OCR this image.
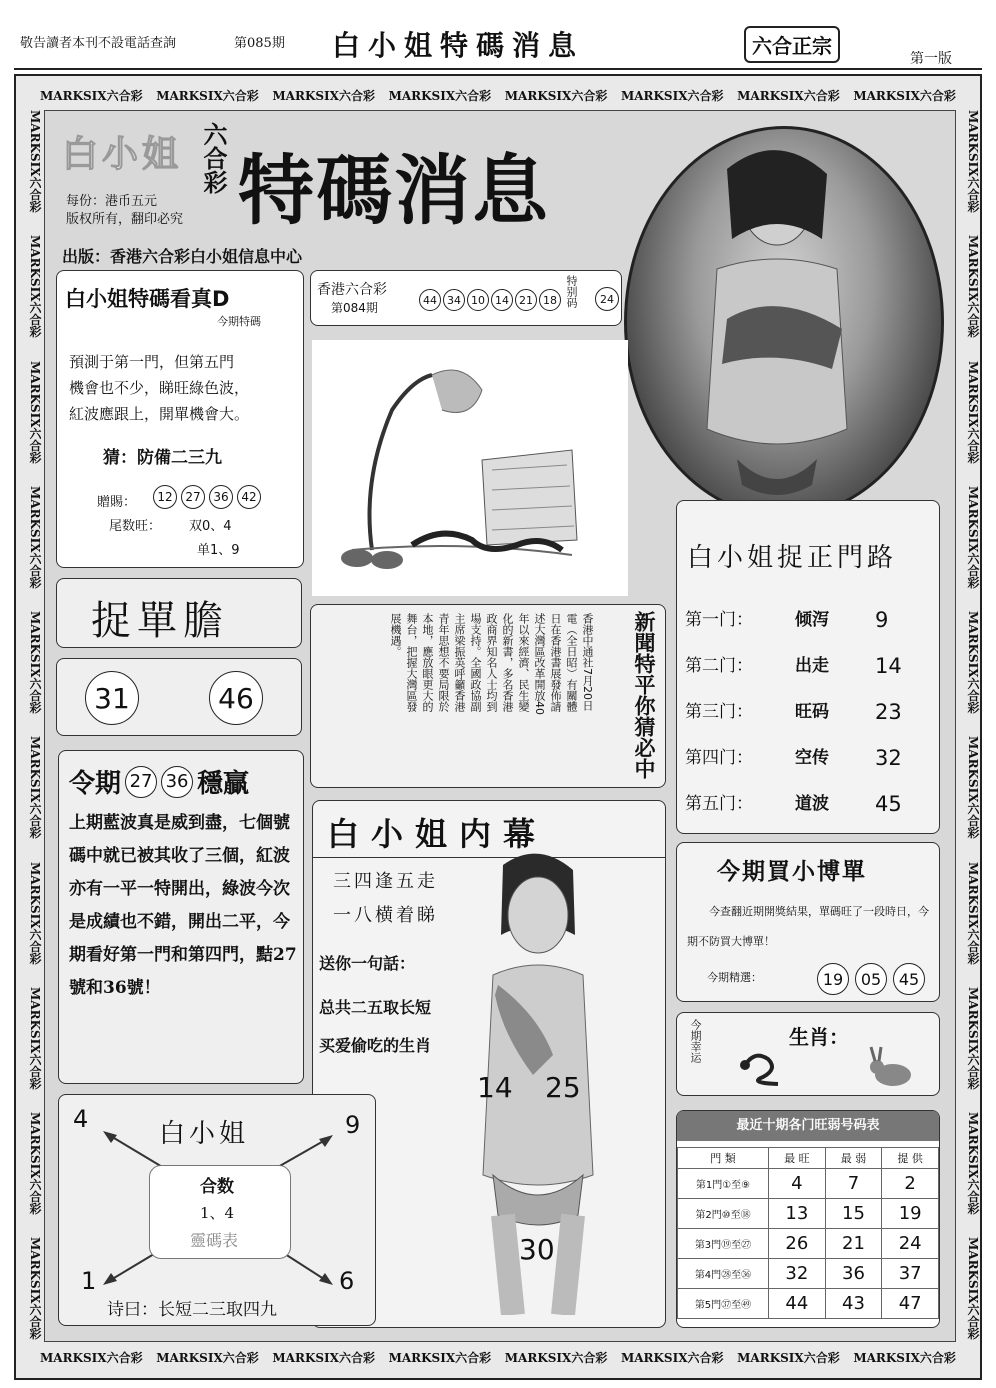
敬告讀者本刊不設電話查詢	第085期 白小姐特碼消息	六合正宗
第一版
MARKSIX六合彩 MARKSIX六合彩 MARKSIX六合彩 MARKSIX六合彩 MARKSIX六合彩 MARKSIX六合彩 MARKSIX六合彩 MARKSIX六合彩
MARKSIX六合彩 MARKSIX六合彩 MARKSIX六合彩 MARKSIX六合彩 MARKSIX六合彩 MARKSIX六合彩 MARKSIX六合彩 MARKSIX六合彩
MARKSIX六合彩
MARKSIX六合彩
MARKSIX六合彩
MARKSIX六合彩
MARKSIX六合彩
MARKSIX六合彩
MARKSIX六合彩
MARKSIX六合彩
MARKSIX六合彩
MARKSIX六合彩
MARKSIX六合彩
MARKSIX六合彩
MARKSIX六合彩
MARKSIX六合彩
MARKSIX六合彩
MARKSIX六合彩
MARKSIX六合彩
MARKSIX六合彩
MARKSIX六合彩
MARKSIX六合彩
白小姐 六合彩 特碼消息
每份：港币五元
版权所有，翻印必究
出版：香港六合彩白小姐信息中心
白小姐特碼看真D
今期特碼
預測于第一門，但第五門
機會也不少，睇旺綠色波，
紅波應跟上，開單機會大。
猜：防備二三九
贈賜：	12	27	36	42
尾数旺： 双0、4
单1、9
香港六合彩
第084期
44 34 10 14 21 18 特别码	24
捉單膽
31	46
令期 27 36 穩贏
上期藍波真是威到盡，七個號碼中就已被其收了三個，紅波亦有一平一特開出，綠波今次是成績也不錯，開出二平，今期看好第一門和第四門，黠27號和36號！
新聞特平你猜必中
香港中通社7月20日
電（全日昭）有關體
日在香港書展發佈請
述大灣區改革開放40
年以來經濟、民生變
化的新書，多名香港
政商界知名人士均到
場支持。全國政協副
主席梁振英呼籲香港
青年思想不要局限於
本地，應放眼更大的
舞台，把握大灣區發
展機遇。
白小姐内幕
三四逢五走
一八横着睇
送你一句話：
总共二五取长短
买爱偷吃的生肖
14 25
30
白小姐
4	9
1	6
合数
1、4
靈碼表
诗曰：长短二三取四九
白小姐捉正門路
第一门：	倾泻	9
第二门：	出走	14
第三门：	旺码	23
第四门：	空传	32
第五门：	道波	45
今期買小博單
今查翻近期開獎結果，單碼旺了一段時日，今期不防買大博單！
今期精選：	19	05	45
今期幸运	生肖：
最近十期各门旺弱号码表
門 類	最 旺	最 弱	提 供
第1門①至⑨	4	7	2
第2門⑩至⑱	13	15	19
第3門⑲至㉗	26	21	24
第4門㉘至㊱	32	36	37
第5門㊲至㊾	44	43	47
